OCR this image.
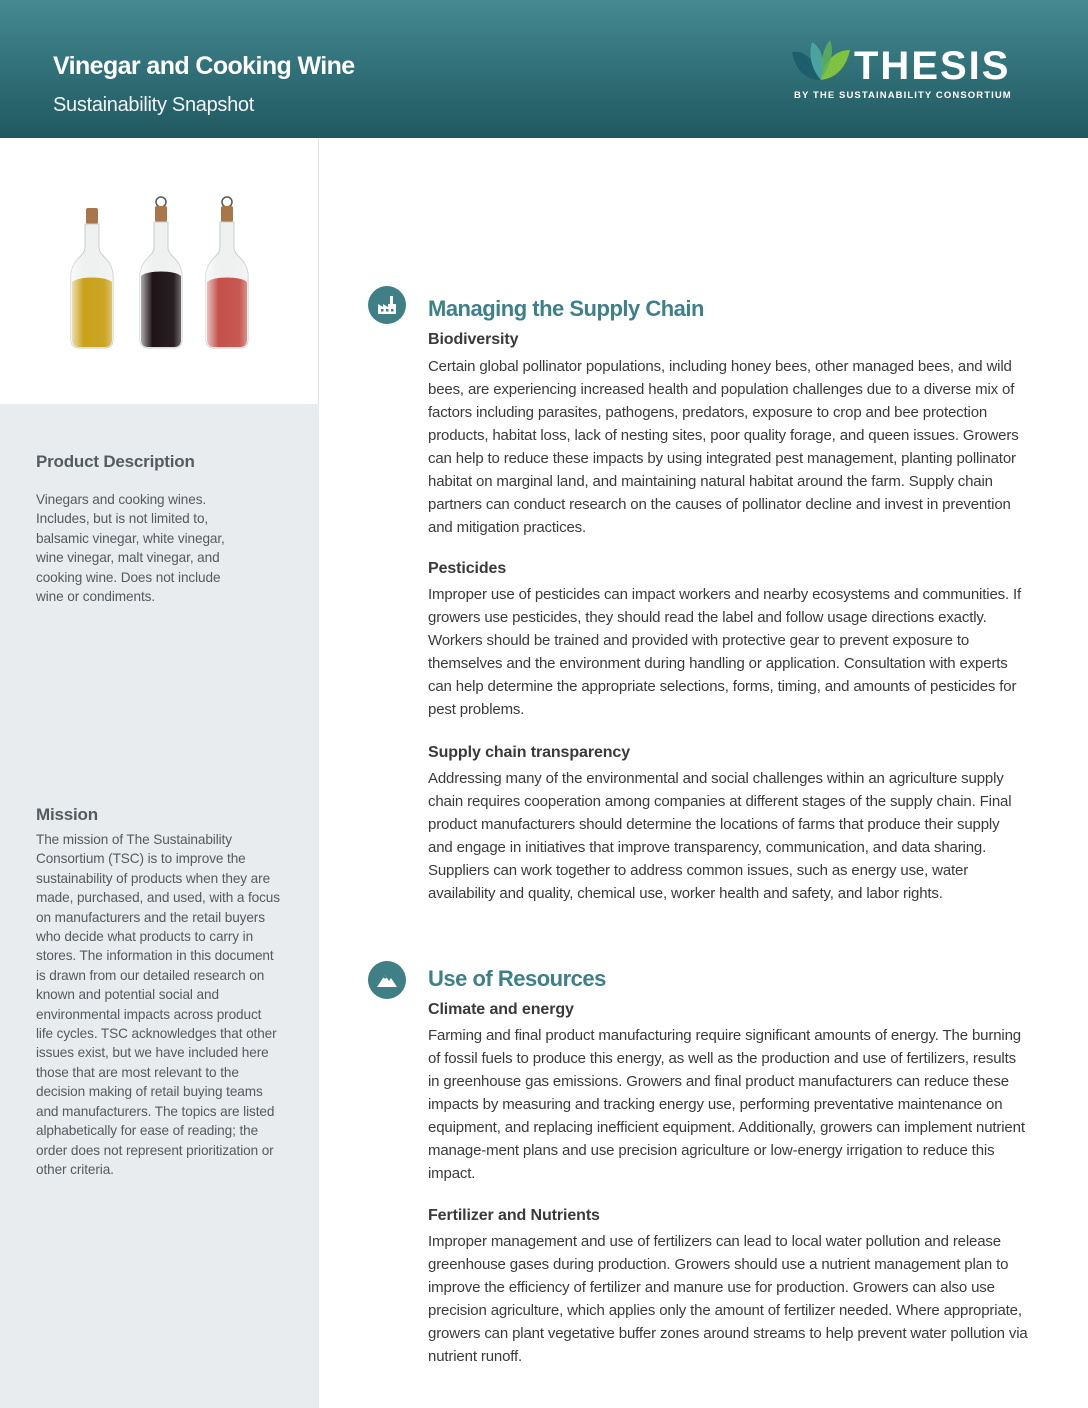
Vinegar and Cooking Wine
Sustainability Snapshot
THESIS
BY THE SUSTAINABILITY CONSORTIUM
Product Description

Vinegars and cooking wines. Includes, but is not limited to, balsamic vinegar, white vinegar, wine vinegar, malt vinegar, and cooking wine. Does not include wine or condiments.

Mission

The mission of The Sustainability Consortium (TSC) is to improve the sustainability of products when they are made, purchased, and used, with a focus on manufacturers and the retail buyers who decide what products to carry in stores. The information in this document is drawn from our detailed research on known and potential social and environmental impacts across product life cycles. TSC acknowledges that other issues exist, but we have included here those that are most relevant to the decision making of retail buying teams and manufacturers. The topics are listed alphabetically for ease of reading; the order does not represent prioritization or other criteria.

Managing the Supply Chain
Biodiversity

Certain global pollinator populations, including honey bees, other managed bees, and wild bees, are experiencing increased health and population challenges due to a diverse mix of factors including parasites, pathogens, predators, exposure to crop and bee protection products, habitat loss, lack of nesting sites, poor quality forage, and queen issues. Growers can help to reduce these impacts by using integrated pest management, planting pollinator habitat on marginal land, and maintaining natural habitat around the farm. Supply chain partners can conduct research on the causes of pollinator decline and invest in prevention and mitigation practices.

Pesticides

Improper use of pesticides can impact workers and nearby ecosystems and communities. If growers use pesticides, they should read the label and follow usage directions exactly. Workers should be trained and provided with protective gear to prevent exposure to themselves and the environment during handling or application. Consultation with experts can help determine the appropriate selections, forms, timing, and amounts of pesticides for pest problems.

Supply chain transparency

Addressing many of the environmental and social challenges within an agriculture supply chain requires cooperation among companies at different stages of the supply chain. Final product manufacturers should determine the locations of farms that produce their supply and engage in initiatives that improve transparency, communication, and data sharing. Suppliers can work together to address common issues, such as energy use, water availability and quality, chemical use, worker health and safety, and labor rights.

Use of Resources
Climate and energy

Farming and final product manufacturing require significant amounts of energy. The burning of fossil fuels to produce this energy, as well as the production and use of fertilizers, results in greenhouse gas emissions. Growers and final product manufacturers can reduce these impacts by measuring and tracking energy use, performing preventative maintenance on equipment, and replacing inefficient equipment. Additionally, growers can implement nutrient manage-ment plans and use precision agriculture or low-energy irrigation to reduce this impact.

Fertilizer and Nutrients

Improper management and use of fertilizers can lead to local water pollution and release greenhouse gases during production. Growers should use a nutrient management plan to improve the efficiency of fertilizer and manure use for production. Growers can also use precision agriculture, which applies only the amount of fertilizer needed. Where appropriate, growers can plant vegetative buffer zones around streams to help prevent water pollution via nutrient runoff.
